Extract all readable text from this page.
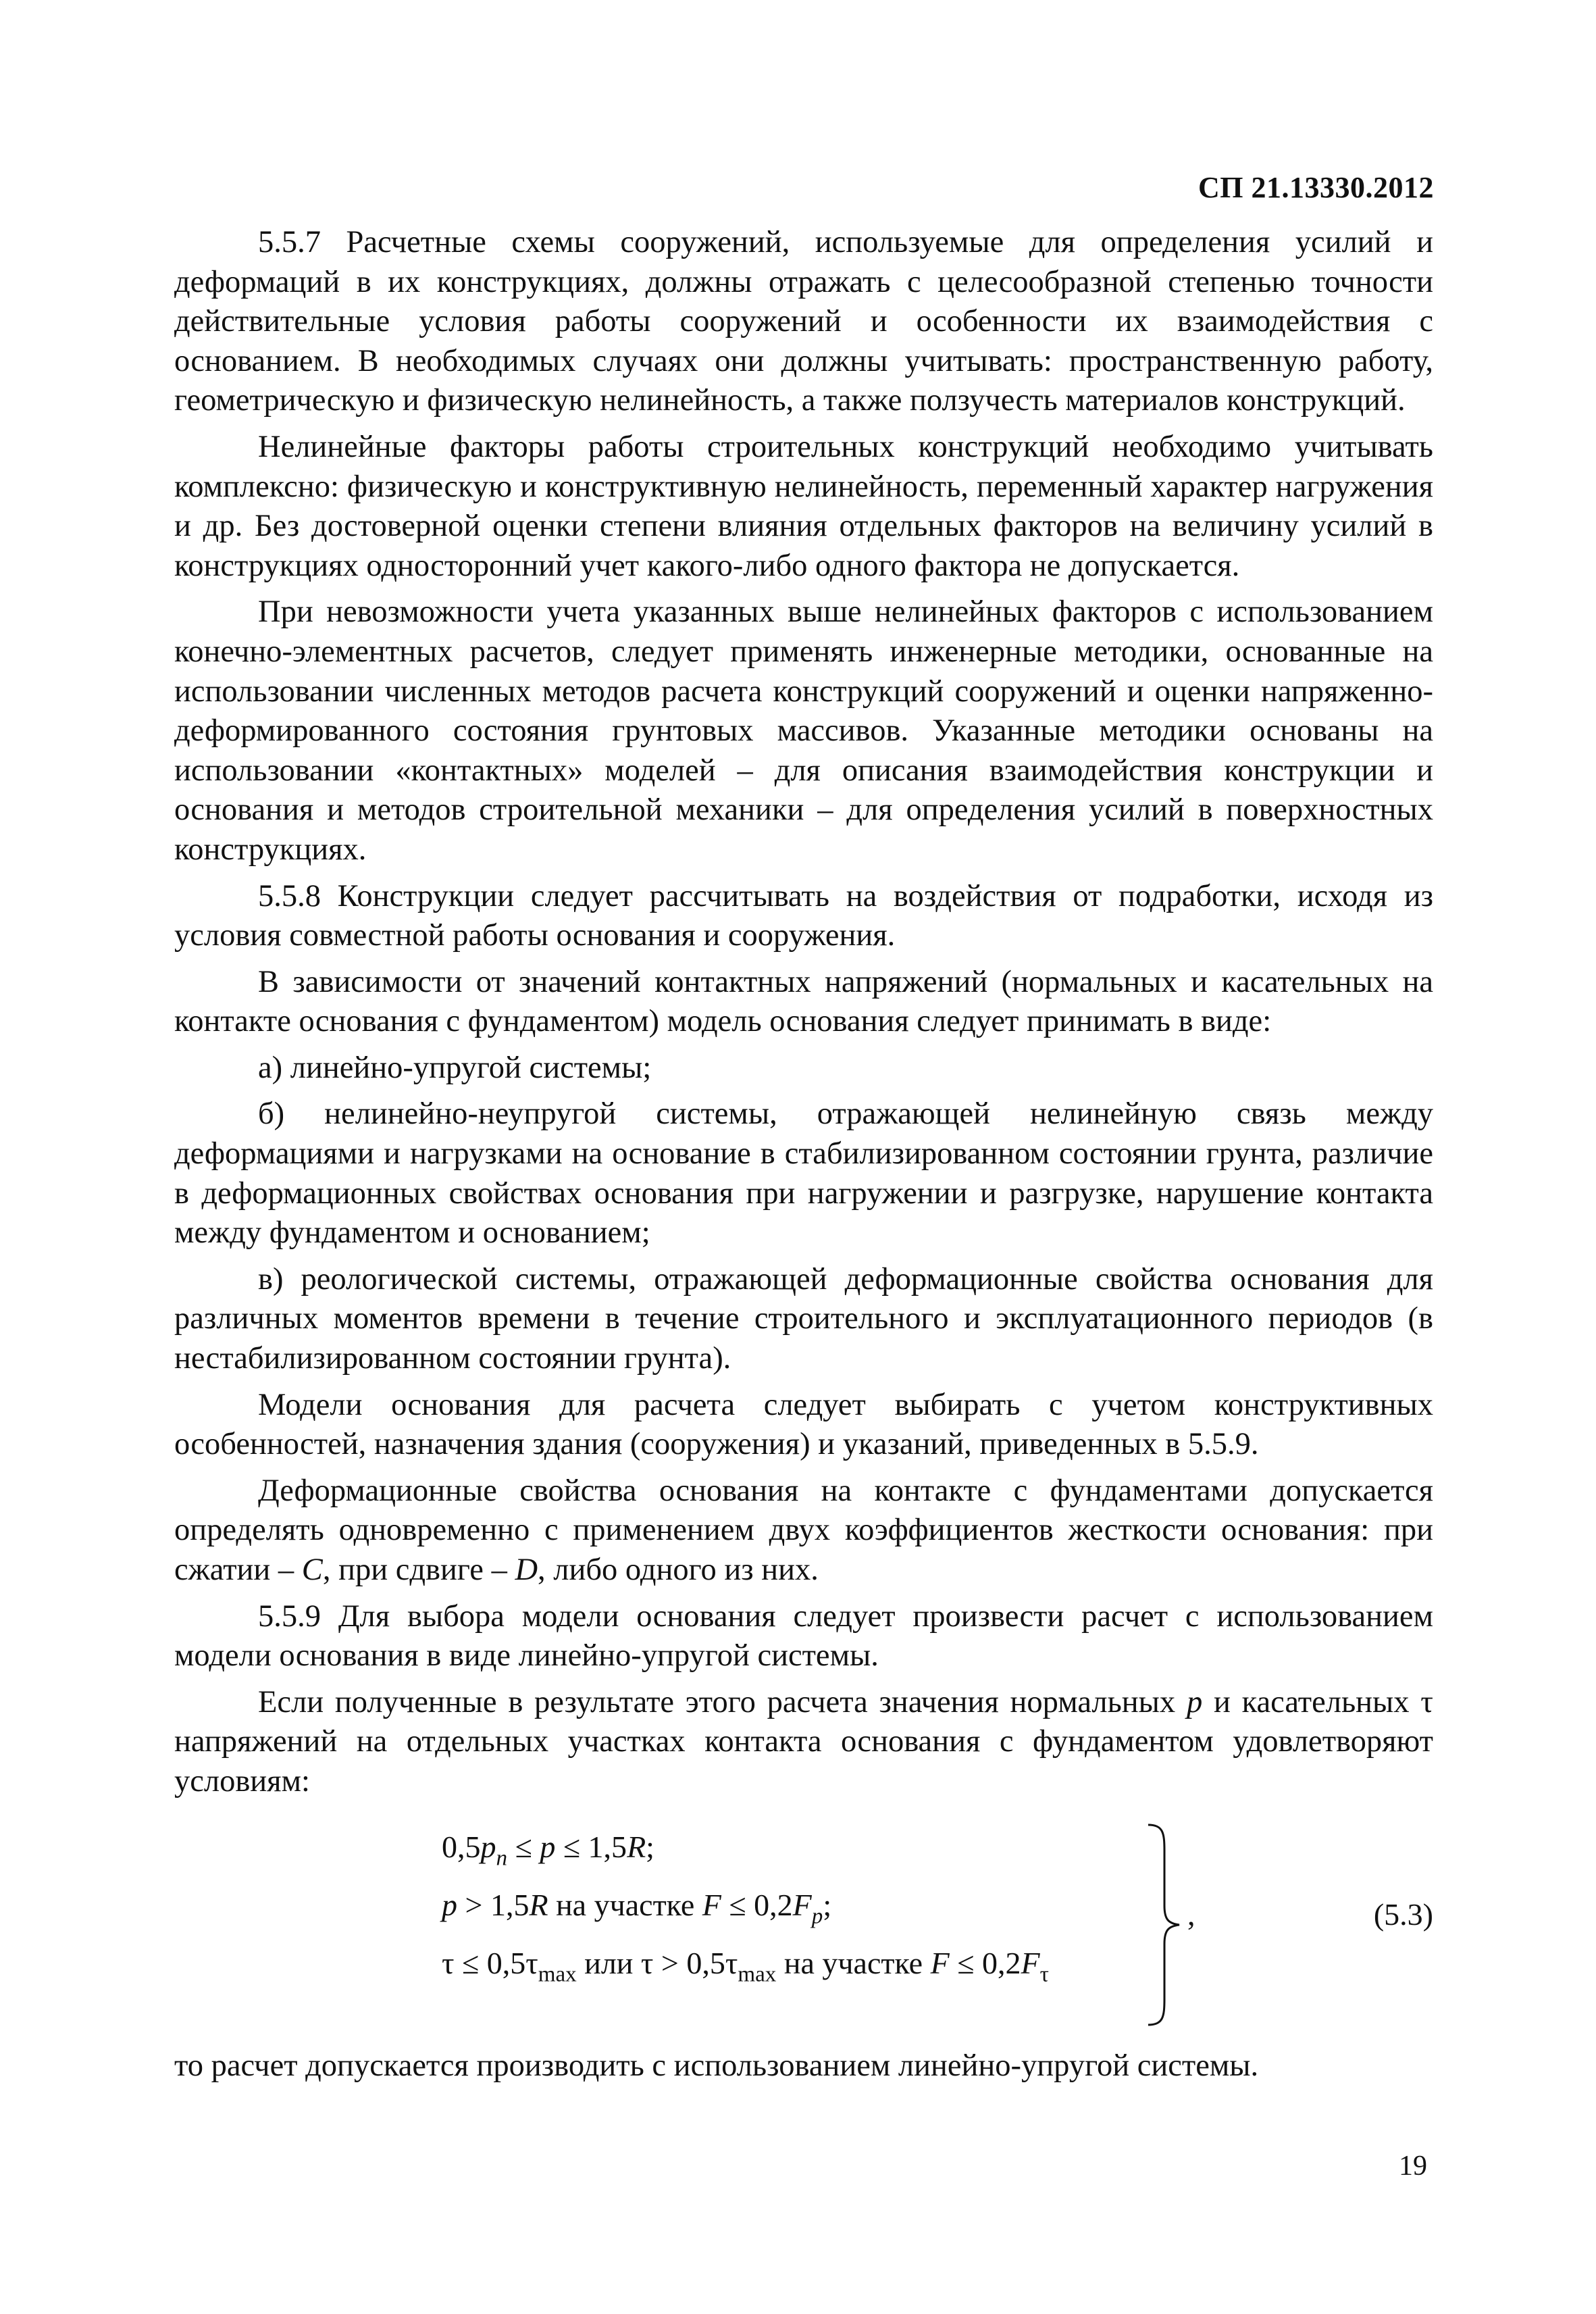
СП 21.13330.2012

5.5.7 Расчетные схемы сооружений, используемые для определения усилий и деформаций в их конструкциях, должны отражать с целесообразной степенью точности действительные условия работы сооружений и особенности их взаимодействия с основанием. В необходимых случаях они должны учитывать: пространственную работу, геометрическую и физическую нелинейность, а также ползучесть материалов конструкций.

Нелинейные факторы работы строительных конструкций необходимо учитывать комплексно: физическую и конструктивную нелинейность, переменный характер нагружения и др. Без достоверной оценки степени влияния отдельных факторов на величину усилий в конструкциях односторонний учет какого-либо одного фактора не допускается.

При невозможности учета указанных выше нелинейных факторов с использованием конечно-элементных расчетов, следует применять инженерные методики, основанные на использовании численных методов расчета конструкций сооружений и оценки напряженно-деформированного состояния грунтовых массивов. Указанные методики основаны на использовании «контактных» моделей – для описания взаимодействия конструкции и основания и методов строительной механики – для определения усилий в поверхностных конструкциях.

5.5.8 Конструкции следует рассчитывать на воздействия от подработки, исходя из условия совместной работы основания и сооружения.

В зависимости от значений контактных напряжений (нормальных и касательных на контакте основания с фундаментом) модель основания следует принимать в виде:

а) линейно-упругой системы;

б) нелинейно-неупругой системы, отражающей нелинейную связь между деформациями и нагрузками на основание в стабилизированном состоянии грунта, различие в деформационных свойствах основания при нагружении и разгрузке, нарушение контакта между фундаментом и основанием;

в) реологической системы, отражающей деформационные свойства основания для различных моментов времени в течение строительного и эксплуатационного периодов (в нестабилизированном состоянии грунта).

Модели основания для расчета следует выбирать с учетом конструктивных особенностей, назначения здания (сооружения) и указаний, приведенных в 5.5.9.

Деформационные свойства основания на контакте с фундаментами допускается определять одновременно с применением двух коэффициентов жесткости основания: при сжатии – C, при сдвиге – D, либо одного из них.

5.5.9 Для выбора модели основания следует произвести расчет с использованием модели основания в виде линейно-упругой системы.

Если полученные в результате этого расчета значения нормальных p и касательных τ напряжений на отдельных участках контакта основания с фундаментом удовлетворяют условиям:

$0,5p_n \le p \le 1,5R$;
p > 1,5R на участке $F \le 0,2F_p$;
$\tau \le 0,5\tau_{max}$ или $\tau > 0,5\tau_{max}$ на участке $F \le 0,2F_\tau$
,	(5.3)

то расчет допускается производить с использованием линейно-упругой системы.

19
